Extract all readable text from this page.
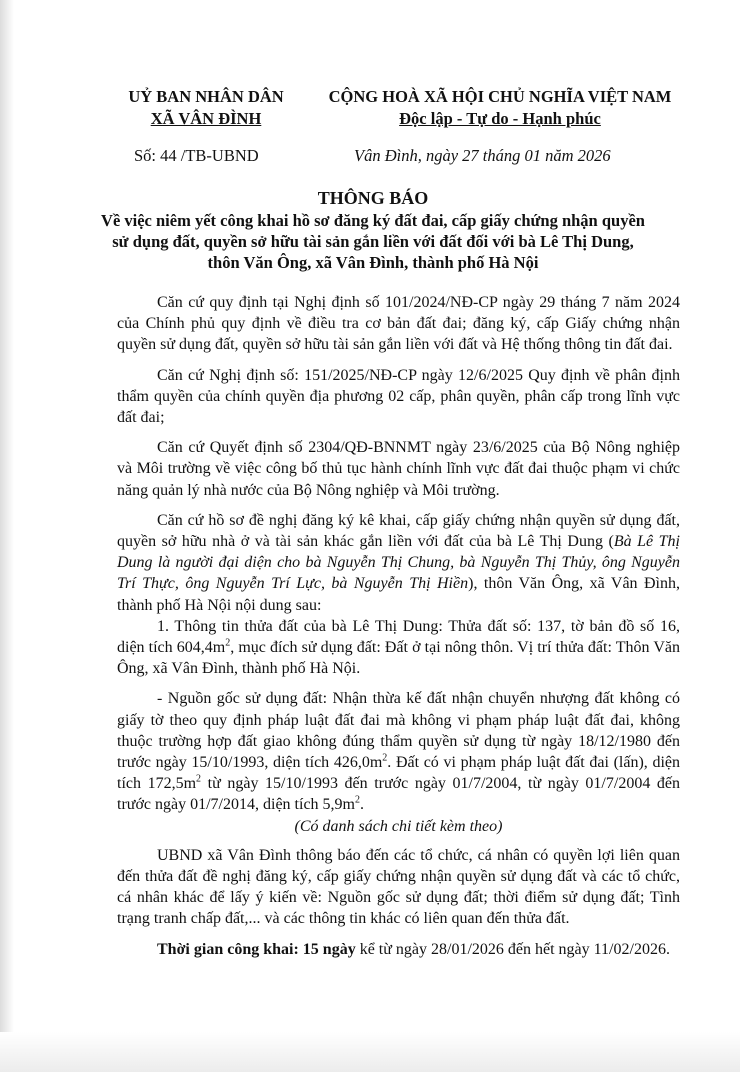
UỶ BAN NHÂN DÂN
XÃ VÂN ĐÌNH
CỘNG HOÀ XÃ HỘI CHỦ NGHĨA VIỆT NAM
Độc lập - Tự do - Hạnh phúc
Số: 44 /TB-UBND	Vân Đình, ngày 27 tháng 01 năm 2026
THÔNG BÁO
Về việc niêm yết công khai hồ sơ đăng ký đất đai, cấp giấy chứng nhận quyền
sử dụng đất, quyền sở hữu tài sản gắn liền với đất đối với bà Lê Thị Dung,
thôn Văn Ông, xã Vân Đình, thành phố Hà Nội

Căn cứ quy định tại Nghị định số 101/2024/NĐ-CP ngày 29 tháng 7 năm 2024 của Chính phủ quy định về điều tra cơ bản đất đai; đăng ký, cấp Giấy chứng nhận quyền sử dụng đất, quyền sở hữu tài sản gắn liền với đất và Hệ thống thông tin đất đai.

Căn cứ Nghị định số: 151/2025/NĐ-CP ngày 12/6/2025 Quy định về phân định thẩm quyền của chính quyền địa phương 02 cấp, phân quyền, phân cấp trong lĩnh vực đất đai;

Căn cứ Quyết định số 2304/QĐ-BNNMT ngày 23/6/2025 của Bộ Nông nghiệp và Môi trường về việc công bố thủ tục hành chính lĩnh vực đất đai thuộc phạm vi chức năng quản lý nhà nước của Bộ Nông nghiệp và Môi trường.

Căn cứ hồ sơ đề nghị đăng ký kê khai, cấp giấy chứng nhận quyền sử dụng đất, quyền sở hữu nhà ở và tài sản khác gắn liền với đất của bà Lê Thị Dung (Bà Lê Thị Dung là người đại diện cho bà Nguyễn Thị Chung, bà Nguyễn Thị Thủy, ông Nguyễn Trí Thực, ông Nguyễn Trí Lực, bà Nguyễn Thị Hiền), thôn Văn Ông, xã Vân Đình, thành phố Hà Nội nội dung sau:

1. Thông tin thửa đất của bà Lê Thị Dung: Thửa đất số: 137, tờ bản đồ số 16, diện tích $604,4m^2$, mục đích sử dụng đất: Đất ở tại nông thôn. Vị trí thửa đất: Thôn Văn Ông, xã Vân Đình, thành phố Hà Nội.

- Nguồn gốc sử dụng đất: Nhận thừa kế đất nhận chuyển nhượng đất không có giấy tờ theo quy định pháp luật đất đai mà không vi phạm pháp luật đất đai, không thuộc trường hợp đất giao không đúng thẩm quyền sử dụng từ ngày 18/12/1980 đến trước ngày 15/10/1993, diện tích $426,0m^2$. Đất có vi phạm pháp luật đất đai (lấn), diện tích $172,5m^2$ từ ngày 15/10/1993 đến trước ngày 01/7/2004, từ ngày 01/7/2004 đến trước ngày 01/7/2014, diện tích $5,9m^2$.

(Có danh sách chi tiết kèm theo)

UBND xã Vân Đình thông báo đến các tổ chức, cá nhân có quyền lợi liên quan đến thửa đất đề nghị đăng ký, cấp giấy chứng nhận quyền sử dụng đất và các tổ chức, cá nhân khác để lấy ý kiến về: Nguồn gốc sử dụng đất; thời điểm sử dụng đất; Tình trạng tranh chấp đất,... và các thông tin khác có liên quan đến thửa đất.

Thời gian công khai: 15 ngày kể từ ngày 28/01/2026 đến hết ngày 11/02/2026.
